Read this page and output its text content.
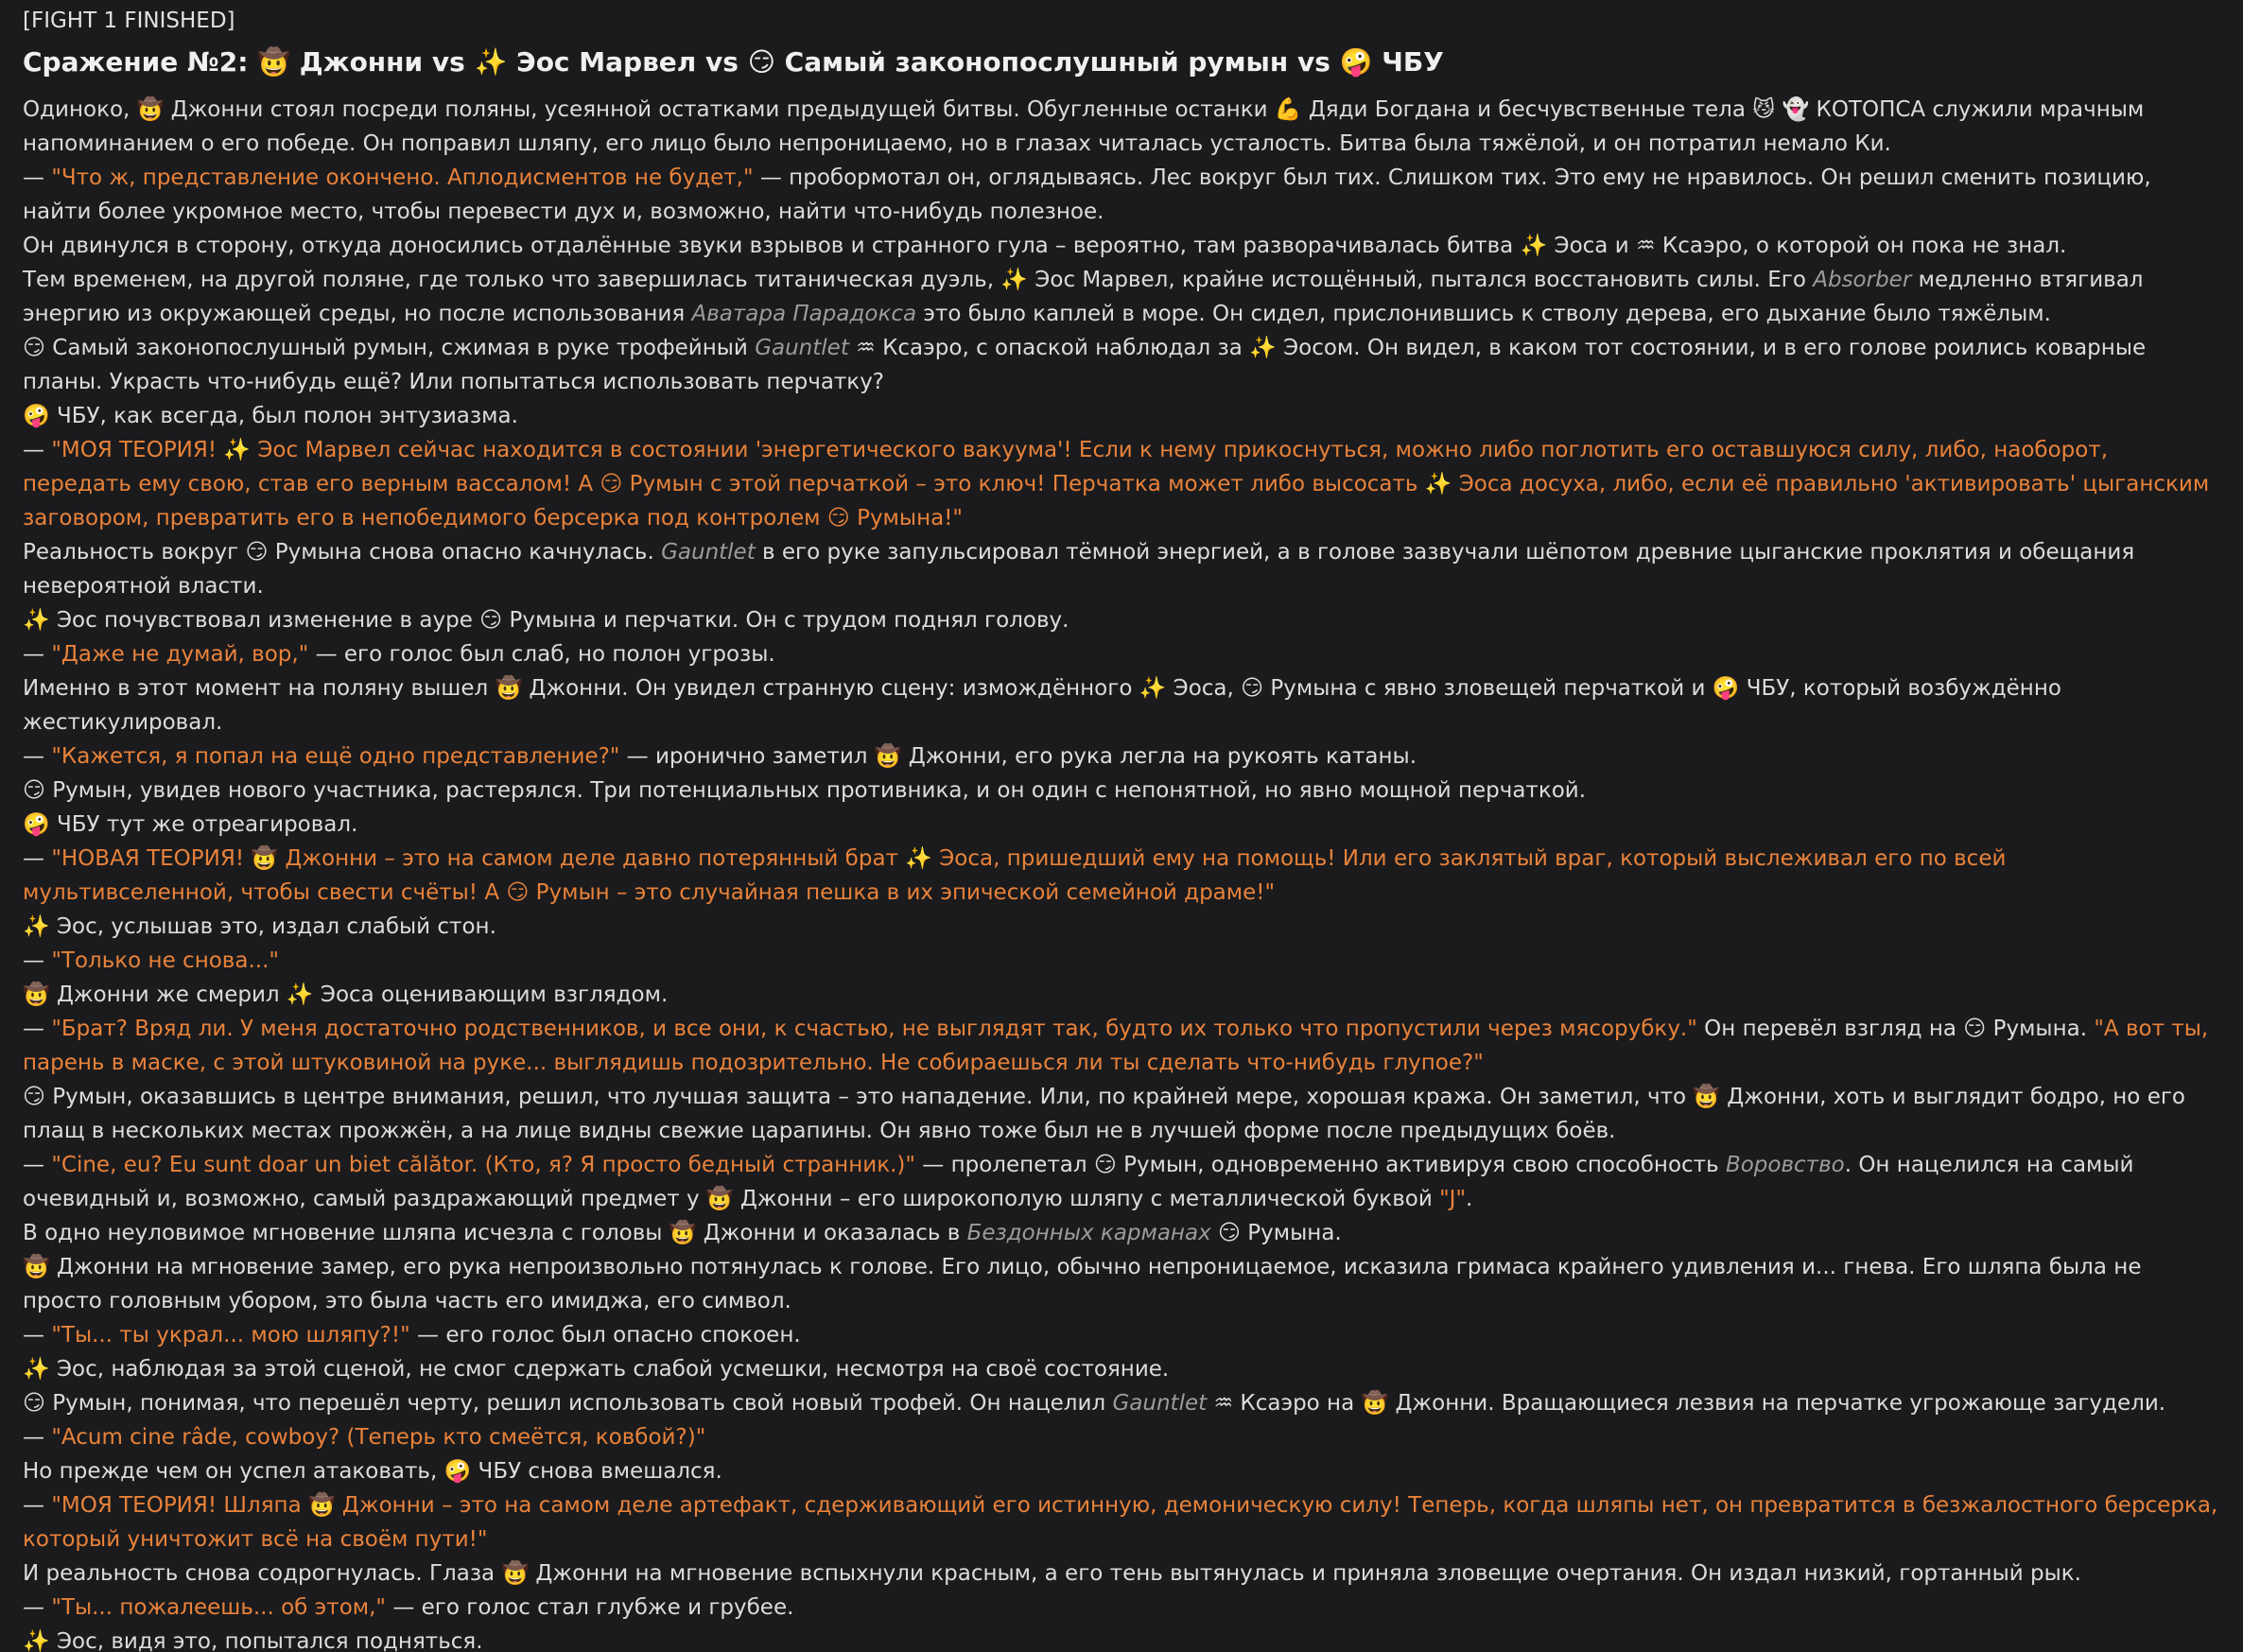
[FIGHT 1 FINISHED]
Сражение №2: 🤠 Джонни vs ✨ Эос Марвел vs 😏 Самый законопослушный румын vs 🤪 ЧБУ
Одиноко, 🤠 Джонни стоял посреди поляны, усеянной остатками предыдущей битвы. Обугленные останки 💪 Дяди Богдана и бесчувственные тела 😼 👻 КОТОПСА служили мрачным напоминанием о его победе. Он поправил шляпу, его лицо было непроницаемо, но в глазах читалась усталость. Битва была тяжёлой, и он потратил немало Ки.
— "Что ж, представление окончено. Аплодисментов не будет," — пробормотал он, оглядываясь. Лес вокруг был тих. Слишком тих. Это ему не нравилось. Он решил сменить позицию, найти более укромное место, чтобы перевести дух и, возможно, найти что-нибудь полезное.
Он двинулся в сторону, откуда доносились отдалённые звуки взрывов и странного гула – вероятно, там разворачивалась битва ✨ Эоса и ♒ Ксаэро, о которой он пока не знал.
Тем временем, на другой поляне, где только что завершилась титаническая дуэль, ✨ Эос Марвел, крайне истощённый, пытался восстановить силы. Его Absorber медленно втягивал энергию из окружающей среды, но после использования Аватара Парадокса это было каплей в море. Он сидел, прислонившись к стволу дерева, его дыхание было тяжёлым.
😏 Самый законопослушный румын, сжимая в руке трофейный Gauntlet ♒ Ксаэро, с опаской наблюдал за ✨ Эосом. Он видел, в каком тот состоянии, и в его голове роились коварные планы. Украсть что-нибудь ещё? Или попытаться использовать перчатку?
🤪 ЧБУ, как всегда, был полон энтузиазма.
— "МОЯ ТЕОРИЯ! ✨ Эос Марвел сейчас находится в состоянии 'энергетического вакуума'! Если к нему прикоснуться, можно либо поглотить его оставшуюся силу, либо, наоборот, передать ему свою, став его верным вассалом! А 😏 Румын с этой перчаткой – это ключ! Перчатка может либо высосать ✨ Эоса досуха, либо, если её правильно 'активировать' цыганским заговором, превратить его в непобедимого берсерка под контролем 😏 Румына!"
Реальность вокруг 😏 Румына снова опасно качнулась. Gauntlet в его руке запульсировал тёмной энергией, а в голове зазвучали шёпотом древние цыганские проклятия и обещания невероятной власти.
✨ Эос почувствовал изменение в ауре 😏 Румына и перчатки. Он с трудом поднял голову.
— "Даже не думай, вор," — его голос был слаб, но полон угрозы.
Именно в этот момент на поляну вышел 🤠 Джонни. Он увидел странную сцену: измождённого ✨ Эоса, 😏 Румына с явно зловещей перчаткой и 🤪 ЧБУ, который возбуждённо жестикулировал.
— "Кажется, я попал на ещё одно представление?" — иронично заметил 🤠 Джонни, его рука легла на рукоять катаны.
😏 Румын, увидев нового участника, растерялся. Три потенциальных противника, и он один с непонятной, но явно мощной перчаткой.
🤪 ЧБУ тут же отреагировал.
— "НОВАЯ ТЕОРИЯ! 🤠 Джонни – это на самом деле давно потерянный брат ✨ Эоса, пришедший ему на помощь! Или его заклятый враг, который выслеживал его по всей мультивселенной, чтобы свести счёты! А 😏 Румын – это случайная пешка в их эпической семейной драме!"
✨ Эос, услышав это, издал слабый стон.
— "Только не снова..."
🤠 Джонни же смерил ✨ Эоса оценивающим взглядом.
— "Брат? Вряд ли. У меня достаточно родственников, и все они, к счастью, не выглядят так, будто их только что пропустили через мясорубку." Он перевёл взгляд на 😏 Румына. "А вот ты, парень в маске, с этой штуковиной на руке... выглядишь подозрительно. Не собираешься ли ты сделать что-нибудь глупое?"
😏 Румын, оказавшись в центре внимания, решил, что лучшая защита – это нападение. Или, по крайней мере, хорошая кража. Он заметил, что 🤠 Джонни, хоть и выглядит бодро, но его плащ в нескольких местах прожжён, а на лице видны свежие царапины. Он явно тоже был не в лучшей форме после предыдущих боёв.
— "Cine, eu? Eu sunt doar un biet călător. (Кто, я? Я просто бедный странник.)" — пролепетал 😏 Румын, одновременно активируя свою способность Воровство. Он нацелился на самый очевидный и, возможно, самый раздражающий предмет у 🤠 Джонни – его широкополую шляпу с металлической буквой "J".
В одно неуловимое мгновение шляпа исчезла с головы 🤠 Джонни и оказалась в Бездонных карманах 😏 Румына.
🤠 Джонни на мгновение замер, его рука непроизвольно потянулась к голове. Его лицо, обычно непроницаемое, исказила гримаса крайнего удивления и... гнева. Его шляпа была не просто головным убором, это была часть его имиджа, его символ.
— "Ты... ты украл... мою шляпу?!" — его голос был опасно спокоен.
✨ Эос, наблюдая за этой сценой, не смог сдержать слабой усмешки, несмотря на своё состояние.
😏 Румын, понимая, что перешёл черту, решил использовать свой новый трофей. Он нацелил Gauntlet ♒ Ксаэро на 🤠 Джонни. Вращающиеся лезвия на перчатке угрожающе загудели.
— "Acum cine râde, cowboy? (Теперь кто смеётся, ковбой?)"
Но прежде чем он успел атаковать, 🤪 ЧБУ снова вмешался.
— "МОЯ ТЕОРИЯ! Шляпа 🤠 Джонни – это на самом деле артефакт, сдерживающий его истинную, демоническую силу! Теперь, когда шляпы нет, он превратится в безжалостного берсерка, который уничтожит всё на своём пути!"
И реальность снова содрогнулась. Глаза 🤠 Джонни на мгновение вспыхнули красным, а его тень вытянулась и приняла зловещие очертания. Он издал низкий, гортанный рык.
— "Ты... пожалеешь... об этом," — его голос стал глубже и грубее.
✨ Эос, видя это, попытался подняться.
